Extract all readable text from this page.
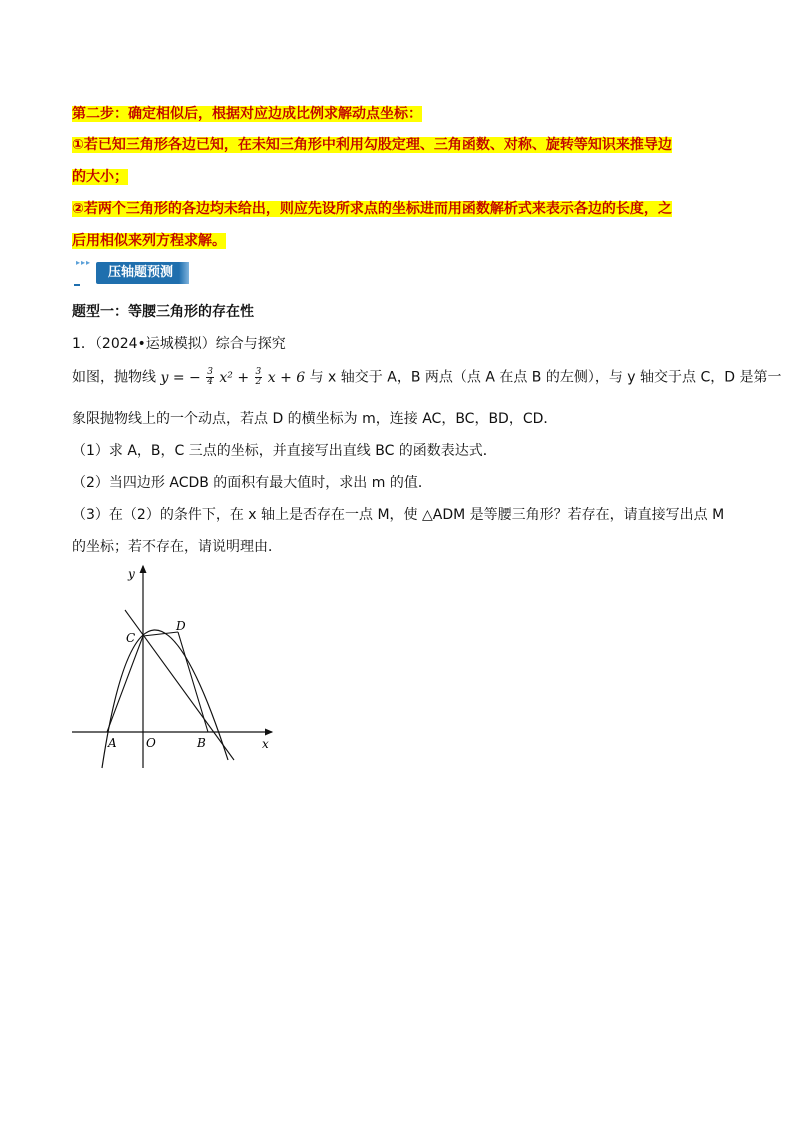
第二步：确定相似后，根据对应边成比例求解动点坐标：
①若已知三角形各边已知，在未知三角形中利用勾股定理、三角函数、对称、旋转等知识来推导边
的大小；
②若两个三角形的各边均未给出，则应先设所求点的坐标进而用函数解析式来表示各边的长度，之
后用相似来列方程求解。
▸▸▸
压轴题预测
题型一：等腰三角形的存在性
1．（2024•运城模拟）综合与探究
如图，抛物线 y = − $\frac{3}{4} x^2 + \frac{3}{2}$ x + 6 与 x 轴交于 A，B 两点（点 A 在点 B 的左侧），与 y 轴交于点 C，D 是第一
象限抛物线上的一个动点，若点 D 的横坐标为 m，连接 AC，BC，BD，CD．
（1）求 A，B，C 三点的坐标，并直接写出直线 BC 的函数表达式．
（2）当四边形 ACDB 的面积有最大值时，求出 m 的值．
（3）在（2）的条件下，在 x 轴上是否存在一点 M，使 △ADM 是等腰三角形？若存在，请直接写出点 M
的坐标；若不存在，请说明理由．
y
x
C
D
A O	B
